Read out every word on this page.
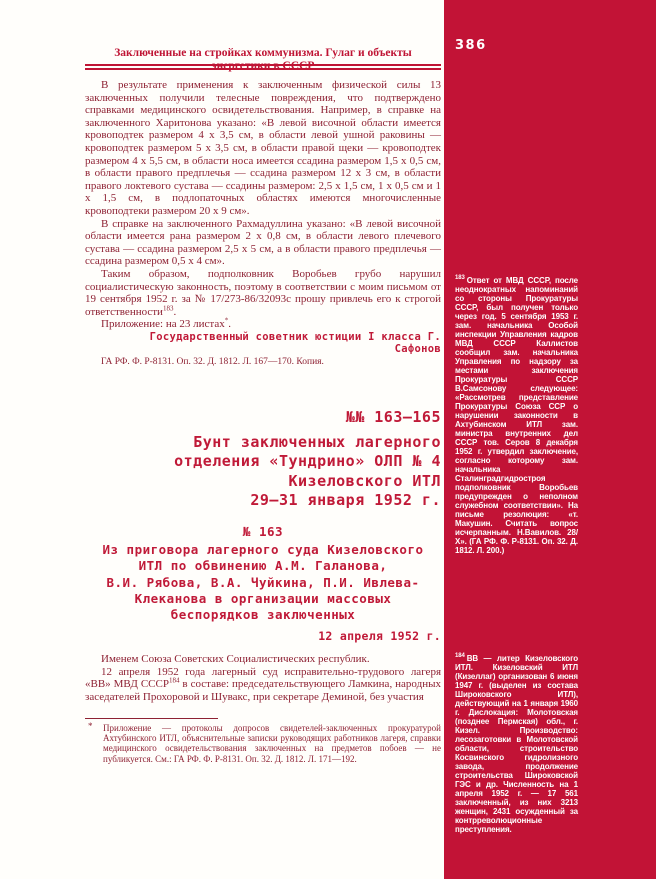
386
$^{183}$ Ответ от МВД СССР, после неоднократных напоминаний со стороны Прокуратуры СССР, был получен только через год. 5 сентября 1953 г. зам. начальника Особой инспекции Управления кадров МВД СССР Каллистов сообщил зам. начальника Управления по надзору за местами заключения Прокуратуры СССР В.Самсонову следующее: «Рассмотрев представление Прокуратуры Союза ССР о нарушении законности в Ахтубинском ИТЛ зам. министра внутренних дел СССР тов. Серов 8 декабря 1952 г. утвердил заключение, согласно которому зам. начальника Сталинградгидростроя подполковник Воробьев предупрежден о неполном служебном соответствии». На письме резолюция: «т. Макушин. Считать вопрос исчерпанным. Н.Вавилов. 28/Х». (ГА РФ. Ф. Р-8131. Оп. 32. Д. 1812. Л. 200.)
$^{184}$ ВВ — литер Кизеловского ИТЛ. Кизеловский ИТЛ (Кизеллаг) организован 6 июня 1947 г. (выделен из состава Широковского ИТЛ), действующий на 1 января 1960 г. Дислокация: Молотовская (позднее Пермская) обл., г. Кизел. Производство: лесозаготовки в Молотовской области, строительство Косвинского гидролизного завода, продолжение строительства Широковской ГЭС и др. Численность на 1 апреля 1952 г. — 17 561 заключенный, из них 3213 женщин, 2431 осужденный за контрреволюционные преступления.
Заключенные на стройках коммунизма. Гулаг и объекты энергетики в СССР

В результате применения к заключенным физической силы 13 заключенных получили телесные повреждения, что подтверждено справками медицинского освидетельствования. Например, в справке на заключенного Харитонова указано: «В левой височной области имеется кровоподтек размером 4 х 3,5 см, в области левой ушной раковины — кровоподтек размером 5 х 3,5 см, в области правой щеки — кровоподтек размером 4 х 5,5 см, в области носа имеется ссадина размером 1,5 х 0,5 см, в области правого предплечья — ссадина размером 12 х 3 см, в области правого локтевого сустава — ссадины размером: 2,5 х 1,5 см, 1 х 0,5 см и 1 х 1,5 см, в подлопаточных областях имеются многочисленные кровоподтеки размером 20 х 9 см».

В справке на заключенного Рахмадуллина указано: «В левой височной области имеется рана размером 2 х 0,8 см, в области левого плечевого сустава — ссадина размером 2,5 х 5 см, а в области правого предплечья — ссадина размером 0,5 х 4 см».

Таким образом, подполковник Воробьев грубо нарушил социалистическую законность, поэтому в соответствии с моим письмом от 19 сентября 1952 г. за № 17/273-86/32093с прошу привлечь его к строгой ответственности$^{183}$.

Приложение: на 23 листах*.

Государственный советник юстиции I класса Г. Сафонов

ГА РФ. Ф. Р-8131. Оп. 32. Д. 1812. Л. 167—170. Копия.

№№ 163—165
Бунт заключенных лагерного
отделения «Тундрино» ОЛП № 4
Кизеловского ИТЛ
29—31 января 1952 г.
№ 163
Из приговора лагерного суда Кизеловского
ИТЛ по обвинению А.М. Галанова,
В.И. Рябова, В.А. Чуйкина, П.И. Ивлева-
Клеканова в организации массовых
беспорядков заключенных
12 апреля 1952 г.

Именем Союза Советских Социалистических республик.

12 апреля 1952 года лагерный суд исправительно-трудового лагеря «ВВ» МВД СССР$^{184}$ в составе: председательствующего Ламкина, народных заседателей Прохоровой и Шувакс, при секретаре Деминой, без участия

* Приложение — протоколы допросов свидетелей-заключенных прокуратурой Ахтубинского ИТЛ, объяснительные записки руководящих работников лагеря, справки медицинского освидетельствования заключенных на предметов побоев — не публикуется. См.: ГА РФ. Ф. Р-8131. Оп. 32. Д. 1812. Л. 171—192.
